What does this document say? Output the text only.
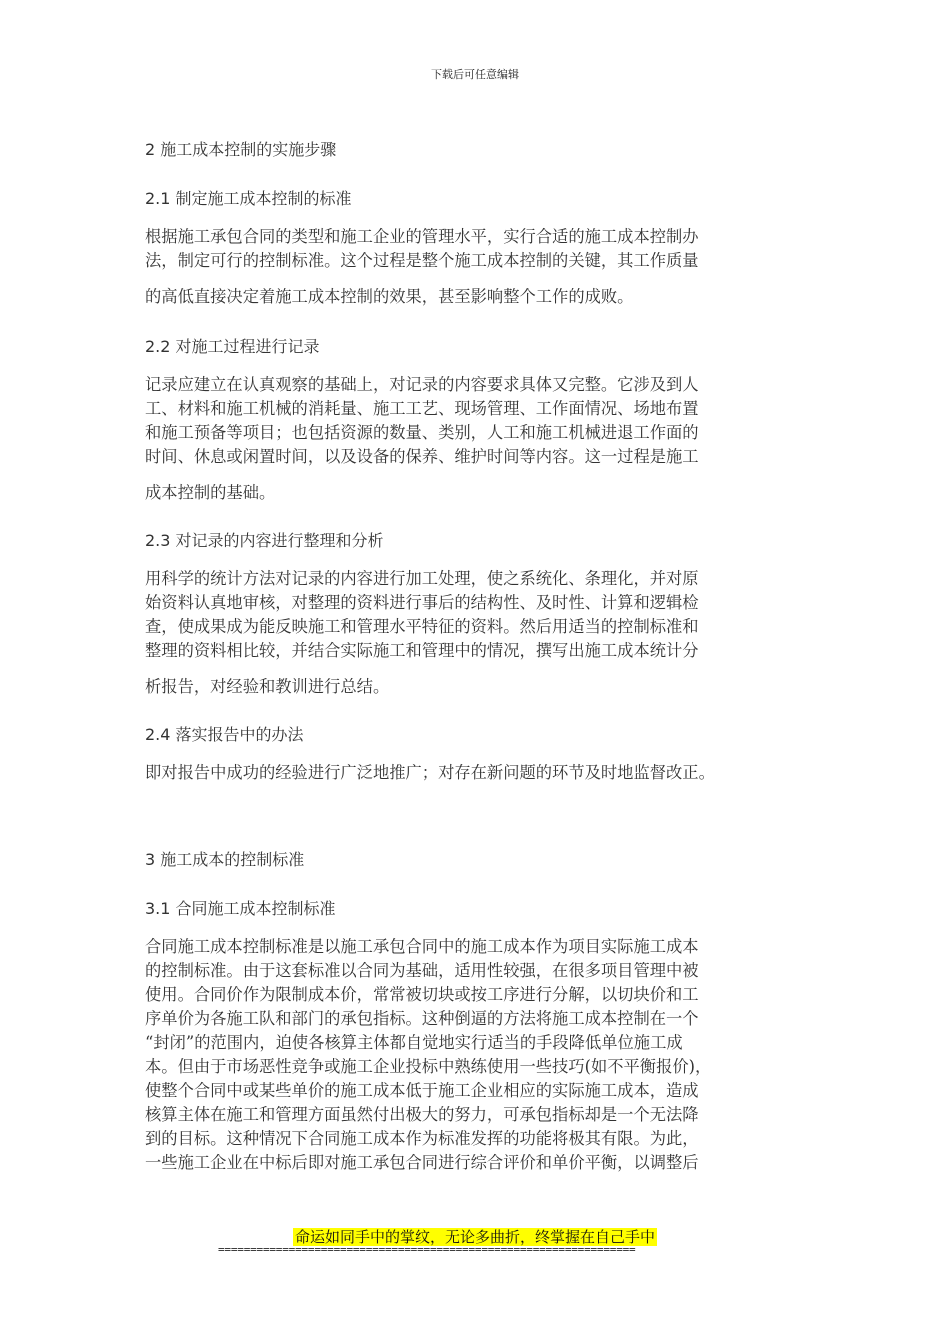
下载后可任意编辑

2 施工成本控制的实施步骤

2.1 制定施工成本控制的标准

根据施工承包合同的类型和施工企业的管理水平，实行合适的施工成本控制办

法，制定可行的控制标准。这个过程是整个施工成本控制的关键，其工作质量

的高低直接决定着施工成本控制的效果，甚至影响整个工作的成败。

2.2 对施工过程进行记录

记录应建立在认真观察的基础上，对记录的内容要求具体又完整。它涉及到人

工、材料和施工机械的消耗量、施工工艺、现场管理、工作面情况、场地布置

和施工预备等项目；也包括资源的数量、类别，人工和施工机械进退工作面的

时间、休息或闲置时间，以及设备的保养、维护时间等内容。这一过程是施工

成本控制的基础。

2.3 对记录的内容进行整理和分析

用科学的统计方法对记录的内容进行加工处理，使之系统化、条理化，并对原

始资料认真地审核，对整理的资料进行事后的结构性、及时性、计算和逻辑检

查，使成果成为能反映施工和管理水平特征的资料。然后用适当的控制标准和

整理的资料相比较，并结合实际施工和管理中的情况，撰写出施工成本统计分

析报告，对经验和教训进行总结。

2.4 落实报告中的办法

即对报告中成功的经验进行广泛地推广；对存在新问题的环节及时地监督改正。

3 施工成本的控制标准

3.1 合同施工成本控制标准

合同施工成本控制标准是以施工承包合同中的施工成本作为项目实际施工成本

的控制标准。由于这套标准以合同为基础，适用性较强，在很多项目管理中被

使用。合同价作为限制成本价，常常被切块或按工序进行分解，以切块价和工

序单价为各施工队和部门的承包指标。这种倒逼的方法将施工成本控制在一个

“封闭”的范围内，迫使各核算主体都自觉地实行适当的手段降低单位施工成

本。但由于市场恶性竞争或施工企业投标中熟练使用一些技巧(如不平衡报价)，

使整个合同中或某些单价的施工成本低于施工企业相应的实际施工成本，造成

核算主体在施工和管理方面虽然付出极大的努力，可承包指标却是一个无法降

到的目标。这种情况下合同施工成本作为标准发挥的功能将极其有限。为此，

一些施工企业在中标后即对施工承包合同进行综合评价和单价平衡，以调整后

命运如同手中的掌纹，无论多曲折，终掌握在自己手中
=================================================================
